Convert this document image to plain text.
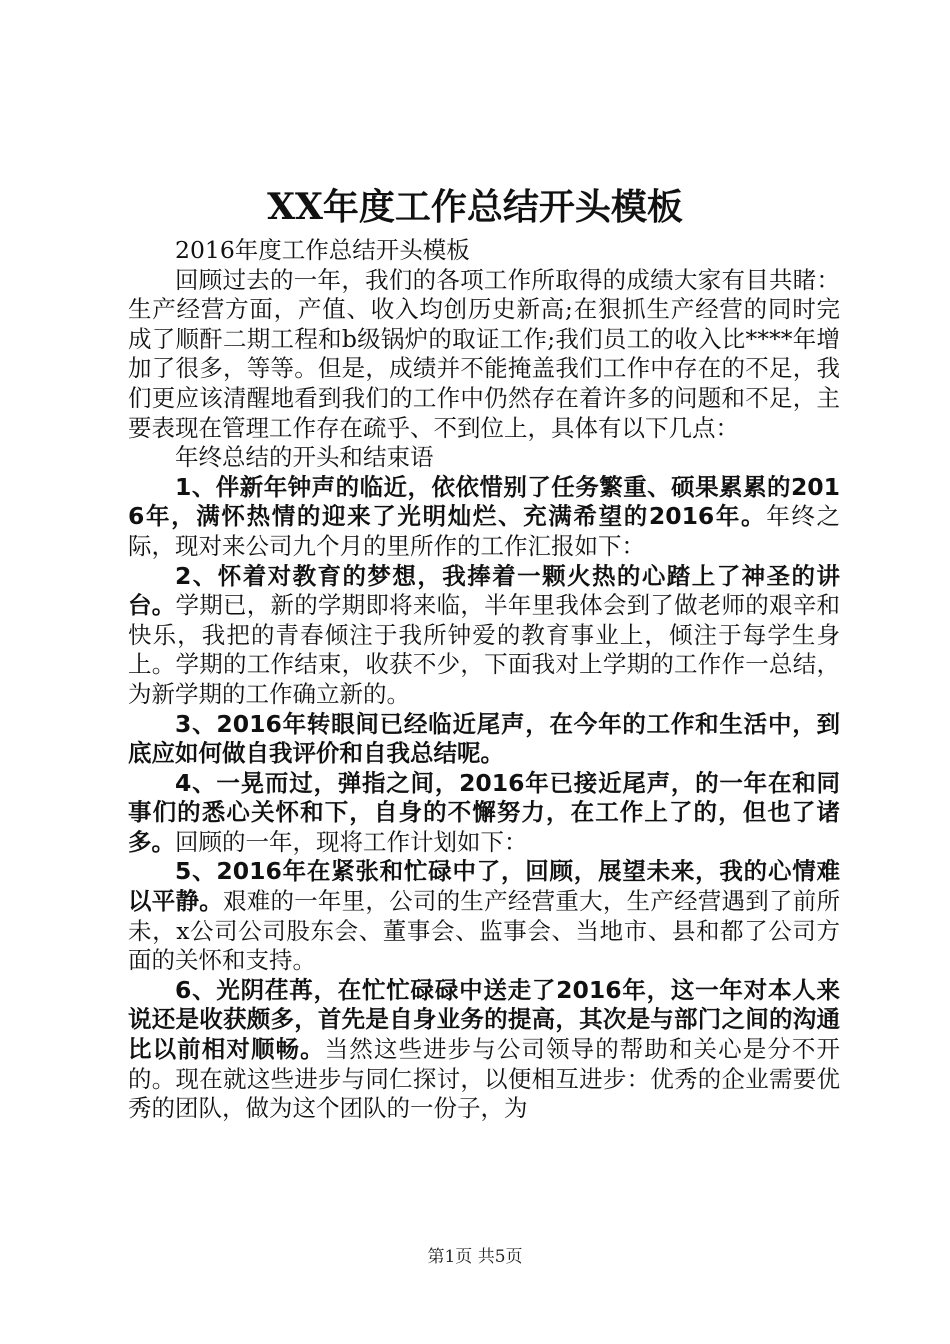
XX年度工作总结开头模板

2016年度工作总结开头模板

回顾过去的一年，我们的各项工作所取得的成绩大家有目共睹：生产经营方面，产值、收入均创历史新高;在狠抓生产经营的同时完成了顺酐二期工程和b级锅炉的取证工作;我们员工的收入比****年增加了很多，等等。但是，成绩并不能掩盖我们工作中存在的不足，我们更应该清醒地看到我们的工作中仍然存在着许多的问题和不足，主要表现在管理工作存在疏乎、不到位上，具体有以下几点：

年终总结的开头和结束语

1、伴新年钟声的临近，依依惜别了任务繁重、硕果累累的2016年，满怀热情的迎来了光明灿烂、充满希望的2016年。年终之际，现对来公司九个月的里所作的工作汇报如下：

2、怀着对教育的梦想，我捧着一颗火热的心踏上了神圣的讲台。学期已，新的学期即将来临，半年里我体会到了做老师的艰辛和快乐，我把的青春倾注于我所钟爱的教育事业上，倾注于每学生身上。学期的工作结束，收获不少，下面我对上学期的工作作一总结，为新学期的工作确立新的。

3、2016年转眼间已经临近尾声，在今年的工作和生活中，到底应如何做自我评价和自我总结呢。

4、一晃而过，弹指之间，2016年已接近尾声，的一年在和同事们的悉心关怀和下，自身的不懈努力，在工作上了的，但也了诸多。回顾的一年，现将工作计划如下：

5、2016年在紧张和忙碌中了，回顾，展望未来，我的心情难以平静。艰难的一年里，公司的生产经营重大，生产经营遇到了前所未，x公司公司股东会、董事会、监事会、当地市、县和都了公司方面的关怀和支持。

6、光阴荏苒，在忙忙碌碌中送走了2016年，这一年对本人来说还是收获颇多，首先是自身业务的提高，其次是与部门之间的沟通比以前相对顺畅。当然这些进步与公司领导的帮助和关心是分不开的。现在就这些进步与同仁探讨，以便相互进步：优秀的企业需要优秀的团队，做为这个团队的一份子，为

第1页 共5页
